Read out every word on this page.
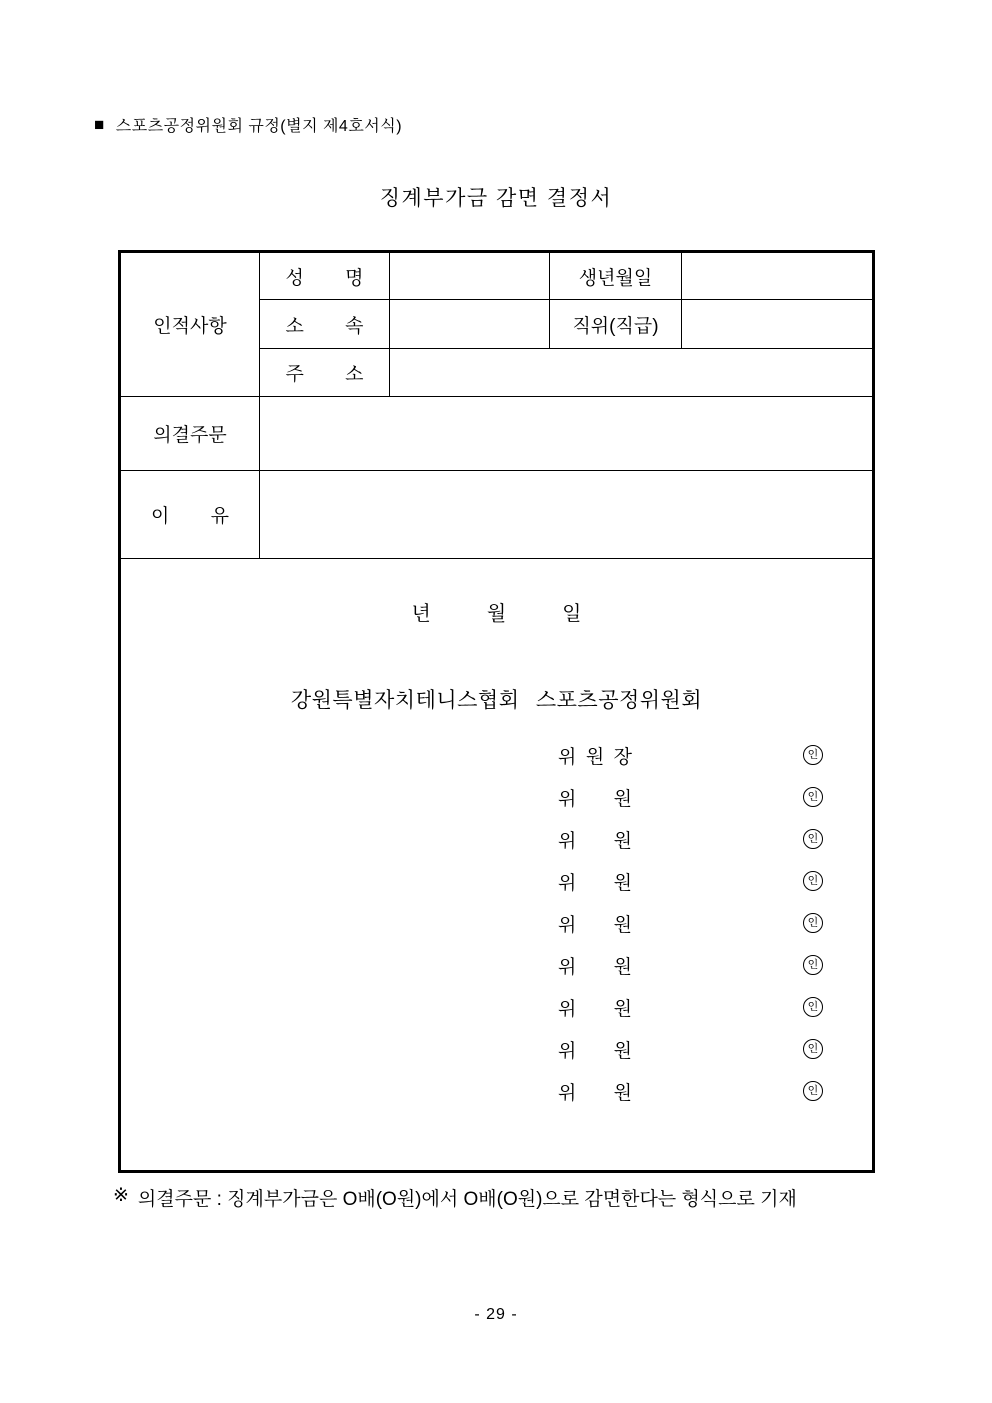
■ 스포츠공정위원회 규정(별지 제4호서식)
징계부가금 감면 결정서
인적사항	성 명		생년월일	
	소 속		직위(직급)	
	주 소			
의결주문				
이 유				

년 월 일
강원특별자치테니스협회 스포츠공정위원회
위 원 장	인
위 원	인
위 원	인
위 원	인
위 원	인
위 원	인
위 원	인
위 원	인
위 원	인
※ 의결주문 : 징계부가금은 O배(O원)에서 O배(O원)으로 감면한다는 형식으로 기재
- 29 -
